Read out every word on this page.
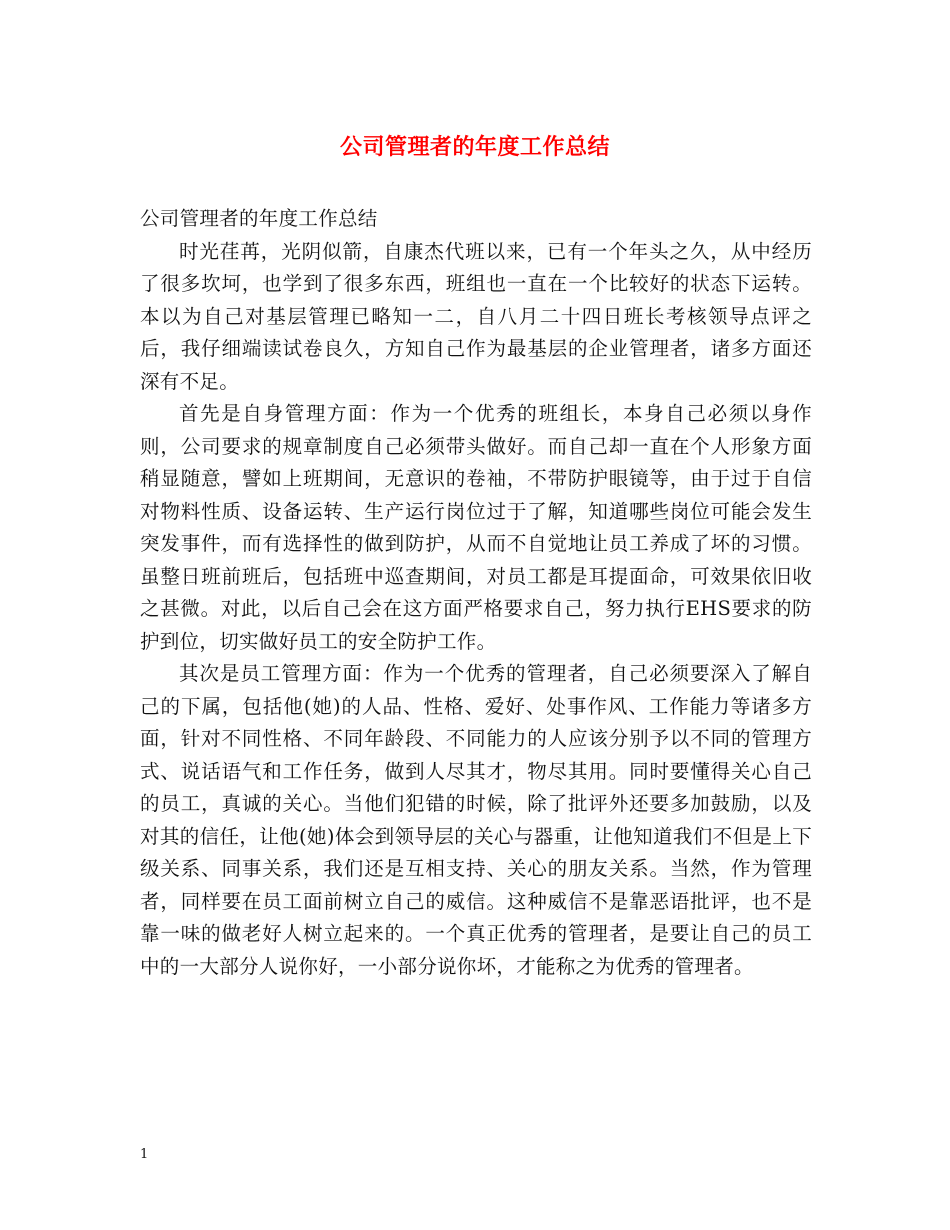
公司管理者的年度工作总结

公司管理者的年度工作总结

时光荏苒，光阴似箭，自康杰代班以来，已有一个年头之久，从中经历了很多坎坷，也学到了很多东西，班组也一直在一个比较好的状态下运转。本以为自己对基层管理已略知一二，自八月二十四日班长考核领导点评之后，我仔细端读试卷良久，方知自己作为最基层的企业管理者，诸多方面还深有不足。

首先是自身管理方面：作为一个优秀的班组长，本身自己必须以身作则，公司要求的规章制度自己必须带头做好。而自己却一直在个人形象方面稍显随意，譬如上班期间，无意识的卷袖，不带防护眼镜等，由于过于自信对物料性质、设备运转、生产运行岗位过于了解，知道哪些岗位可能会发生突发事件，而有选择性的做到防护，从而不自觉地让员工养成了坏的习惯。虽整日班前班后，包括班中巡查期间，对员工都是耳提面命，可效果依旧收之甚微。对此，以后自己会在这方面严格要求自己，努力执行EHS要求的防护到位，切实做好员工的安全防护工作。

其次是员工管理方面：作为一个优秀的管理者，自己必须要深入了解自己的下属，包括他(她)的人品、性格、爱好、处事作风、工作能力等诸多方面，针对不同性格、不同年龄段、不同能力的人应该分别予以不同的管理方式、说话语气和工作任务，做到人尽其才，物尽其用。同时要懂得关心自己的员工，真诚的关心。当他们犯错的时候，除了批评外还要多加鼓励，以及对其的信任，让他(她)体会到领导层的关心与器重，让他知道我们不但是上下级关系、同事关系，我们还是互相支持、关心的朋友关系。当然，作为管理者，同样要在员工面前树立自己的威信。这种威信不是靠恶语批评，也不是靠一味的做老好人树立起来的。一个真正优秀的管理者，是要让自己的员工中的一大部分人说你好，一小部分说你坏，才能称之为优秀的管理者。

1
